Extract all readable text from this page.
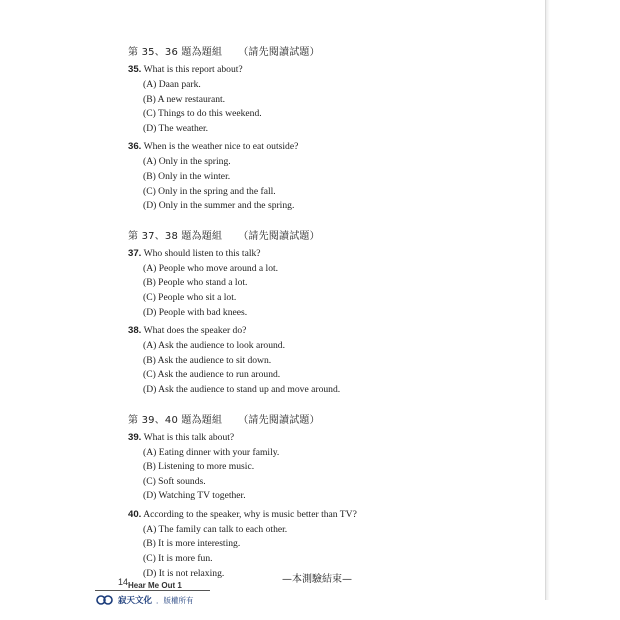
第 35、36 題為題組 （請先閱讀試題）
35. What is this report about?
(A) Daan park.
(B) A new restaurant.
(C) Things to do this weekend.
(D) The weather.
36. When is the weather nice to eat outside?
(A) Only in the spring.
(B) Only in the winter.
(C) Only in the spring and the fall.
(D) Only in the summer and the spring.
第 37、38 題為題組 （請先閱讀試題）
37. Who should listen to this talk?
(A) People who move around a lot.
(B) People who stand a lot.
(C) People who sit a lot.
(D) People with bad knees.
38. What does the speaker do?
(A) Ask the audience to look around.
(B) Ask the audience to sit down.
(C) Ask the audience to run around.
(D) Ask the audience to stand up and move around.
第 39、40 題為題組 （請先閱讀試題）
39. What is this talk about?
(A) Eating dinner with your family.
(B) Listening to more music.
(C) Soft sounds.
(D) Watching TV together.
40. According to the speaker, why is music better than TV?
(A) The family can talk to each other.
(B) It is more interesting.
(C) It is more fun.
(D) It is not relaxing.
—本測驗結束—
14 Hear Me Out 1
寂天文化 ．版權所有
